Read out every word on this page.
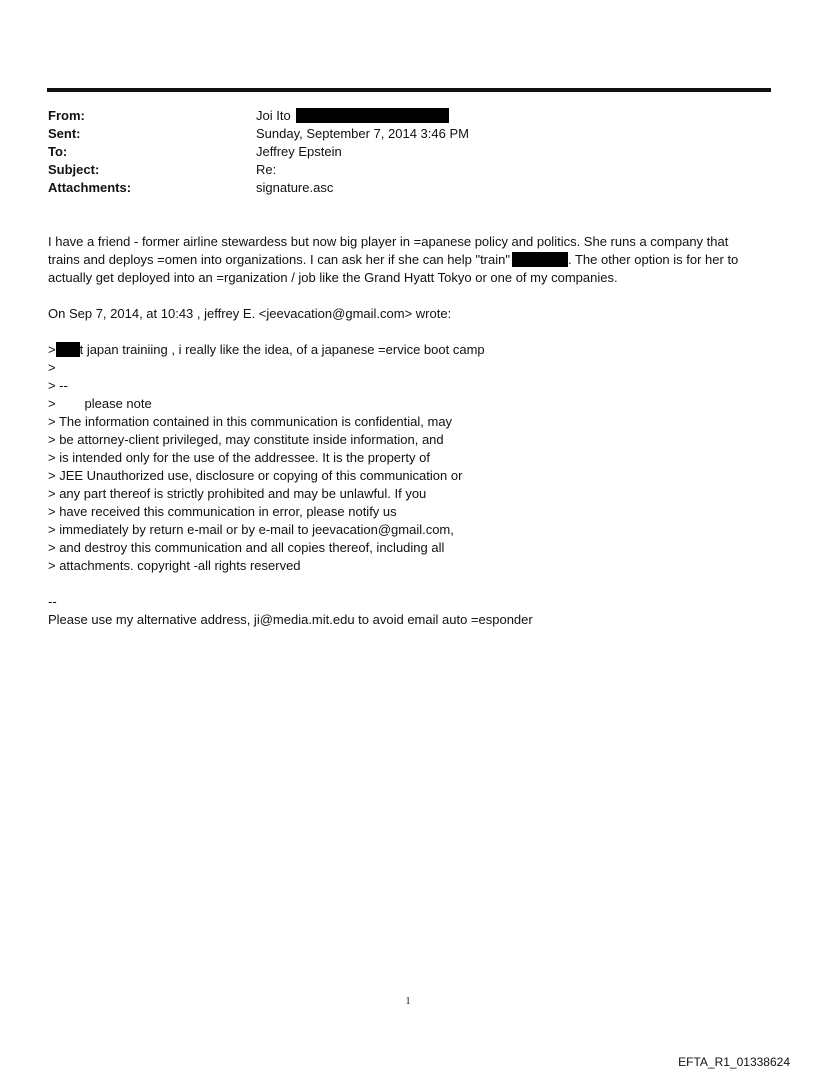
From:	Joi Ito
Sent:	Sunday, September 7, 2014 3:46 PM
To:	Jeffrey Epstein
Subject:	Re:
Attachments:	signature.asc

I have a friend - former airline stewardess but now big player in =apanese policy and politics. She runs a company that

trains and deploys =omen into organizations. I can ask her if she can help "train"	. The other option is for her to

actually get deployed into an =rganization / job like the Grand Hyatt Tokyo or one of my companies.

On Sep 7, 2014, at 10:43 , jeffrey E. <jeevacation@gmail.com> wrote:

> t japan trainiing , i really like the idea, of a japanese =ervice boot camp

>

> --

>        please note

> The information contained in this communication is confidential, may

> be attorney-client privileged, may constitute inside information, and

> is intended only for the use of the addressee. It is the property of

> JEE Unauthorized use, disclosure or copying of this communication or

> any part thereof is strictly prohibited and may be unlawful. If you

> have received this communication in error, please notify us

> immediately by return e-mail or by e-mail to jeevacation@gmail.com,

> and destroy this communication and all copies thereof, including all

> attachments. copyright -all rights reserved

--

Please use my alternative address, ji@media.mit.edu to avoid email auto =esponder

1
EFTA_R1_01338624
